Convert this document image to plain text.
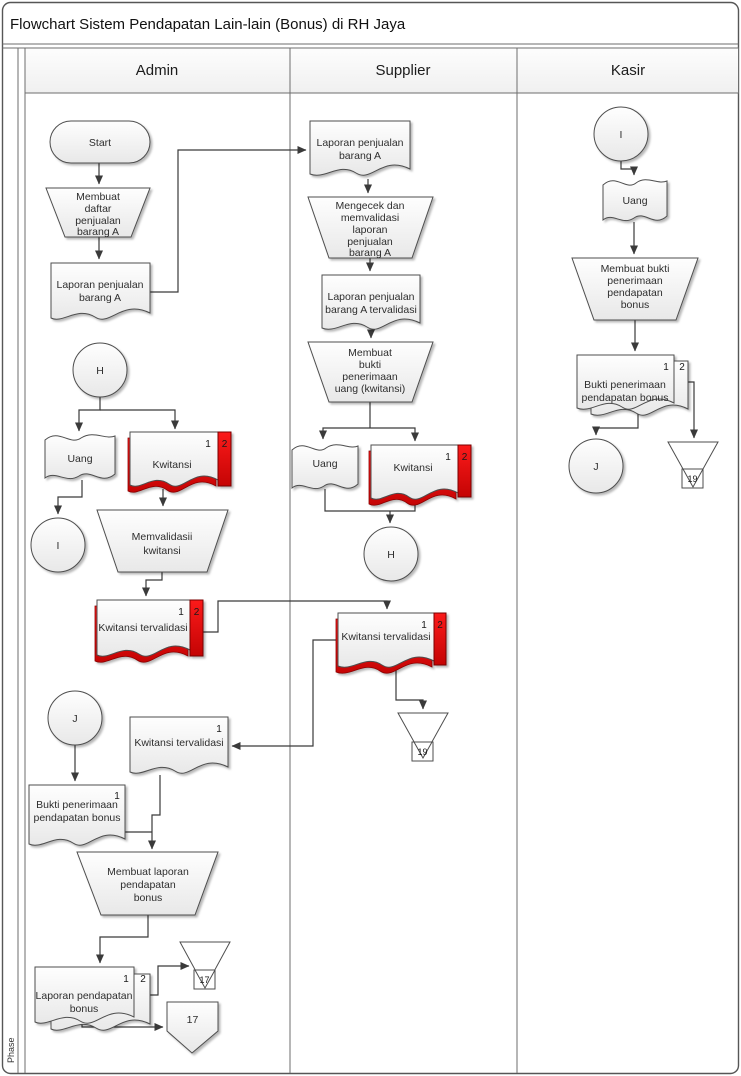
Flowchart Sistem Pendapatan Lain-lain (Bonus) di RH Jaya
Phase
Admin	Supplier	Kasir
Start
Membuat
daftar
penjualan
barang A
Laporan penjualan
barang A
H
Uang
1 2
Kwitansi
I
Memvalidasii
kwitansi
1 2
Kwitansi tervalidasi
J
1
Kwitansi tervalidasi
1
Bukti penerimaan
pendapatan bonus
Membuat laporan
pendapatan
bonus
1 2
Laporan pendapatan
bonus
17
17
Laporan penjualan
barang A
Mengecek dan
memvalidasi
laporan
penjualan
barang A
Laporan penjualan
barang A tervalidasi
Membuat
bukti
penerimaan
uang (kwitansi)
Uang
1 2
Kwitansi
H
1 2
Kwitansi tervalidasi
19
I
Uang
Membuat bukti
penerimaan
pendapatan
bonus
1 2
Bukti penerimaan
pendapatan bonus
J
19
